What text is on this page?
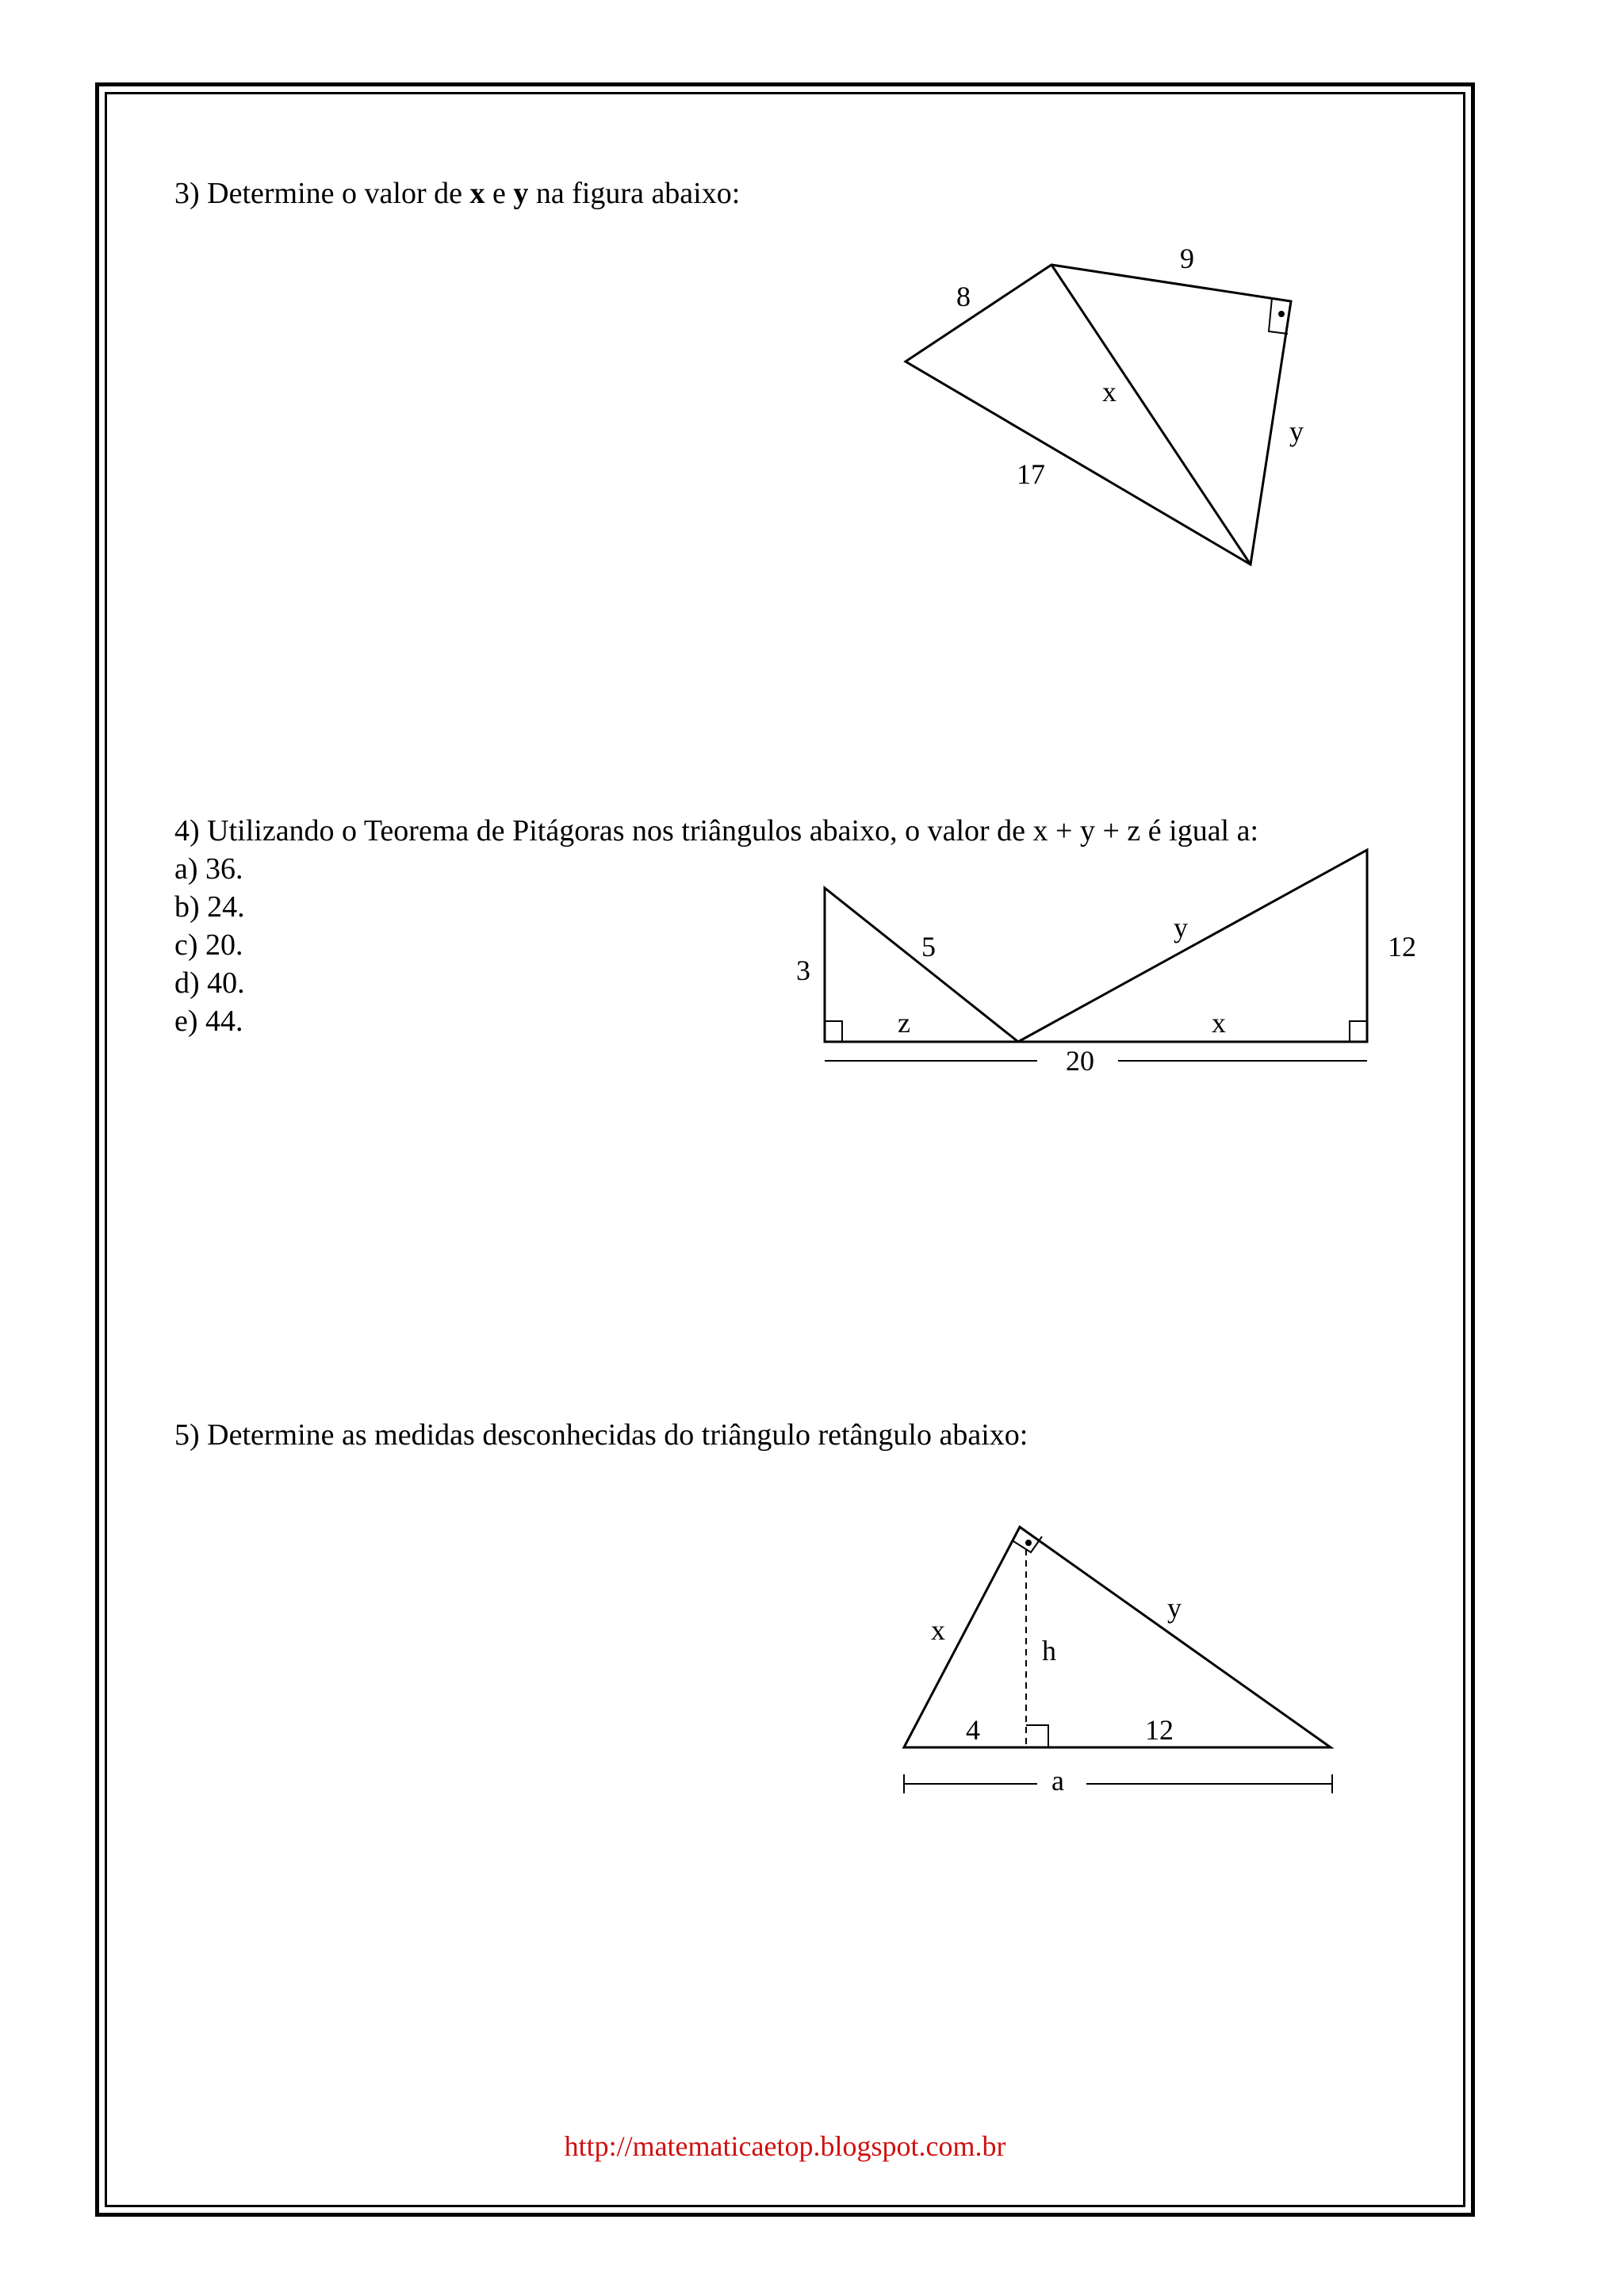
3) Determine o valor de x e y na figura abaixo:
8
9
x
y
17
4) Utilizando o Teorema de Pitágoras nos triângulos abaixo, o valor de x + y + z é igual a:
a) 36.
b) 24.
c) 20.
d) 40.
e) 44.
3
5
z
y
12
x
20
5) Determine as medidas desconhecidas do triângulo retângulo abaixo:
x
y
h
4	12
a
http://matematicaetop.blogspot.com.br
